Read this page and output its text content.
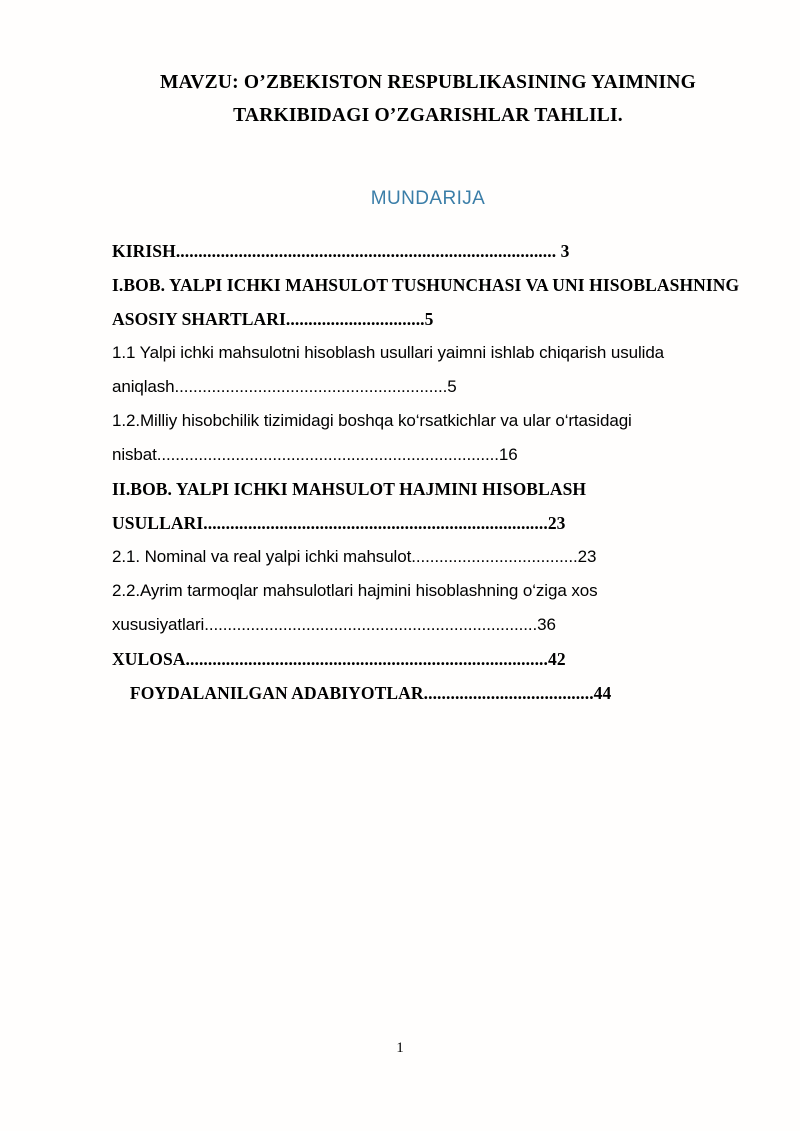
MAVZU: O’ZBEKISTON RESPUBLIKASINING YAIMNING
TARKIBIDAGI O’ZGARISHLAR TAHLILI.
MUNDARIJA
KIRISH..................................................................................... 3
I.BOB. YALPI ICHKI MAHSULOT TUSHUNCHASI VA UNI HISOBLASHNING ASOSIY SHARTLARI...............................5
1.1 Yalpi ichki mahsulotni hisoblash usullari yaimni ishlab chiqarish usulida aniqlash...........................................................5
1.2.Milliy hisobchilik tizimidagi boshqa ko‘rsatkichlar va ular o‘rtasidagi nisbat..........................................................................16
II.BOB. YALPI ICHKI MAHSULOT HAJMINI HISOBLASH USULLARI.............................................................................23
2.1. Nominal va real yalpi ichki mahsulot....................................23
2.2.Ayrim tarmoqlar mahsulotlari hajmini hisoblashning o‘ziga xos xususiyatlari........................................................................36
XULOSA.................................................................................42
FOYDALANILGAN ADABIYOTLAR......................................44
1
